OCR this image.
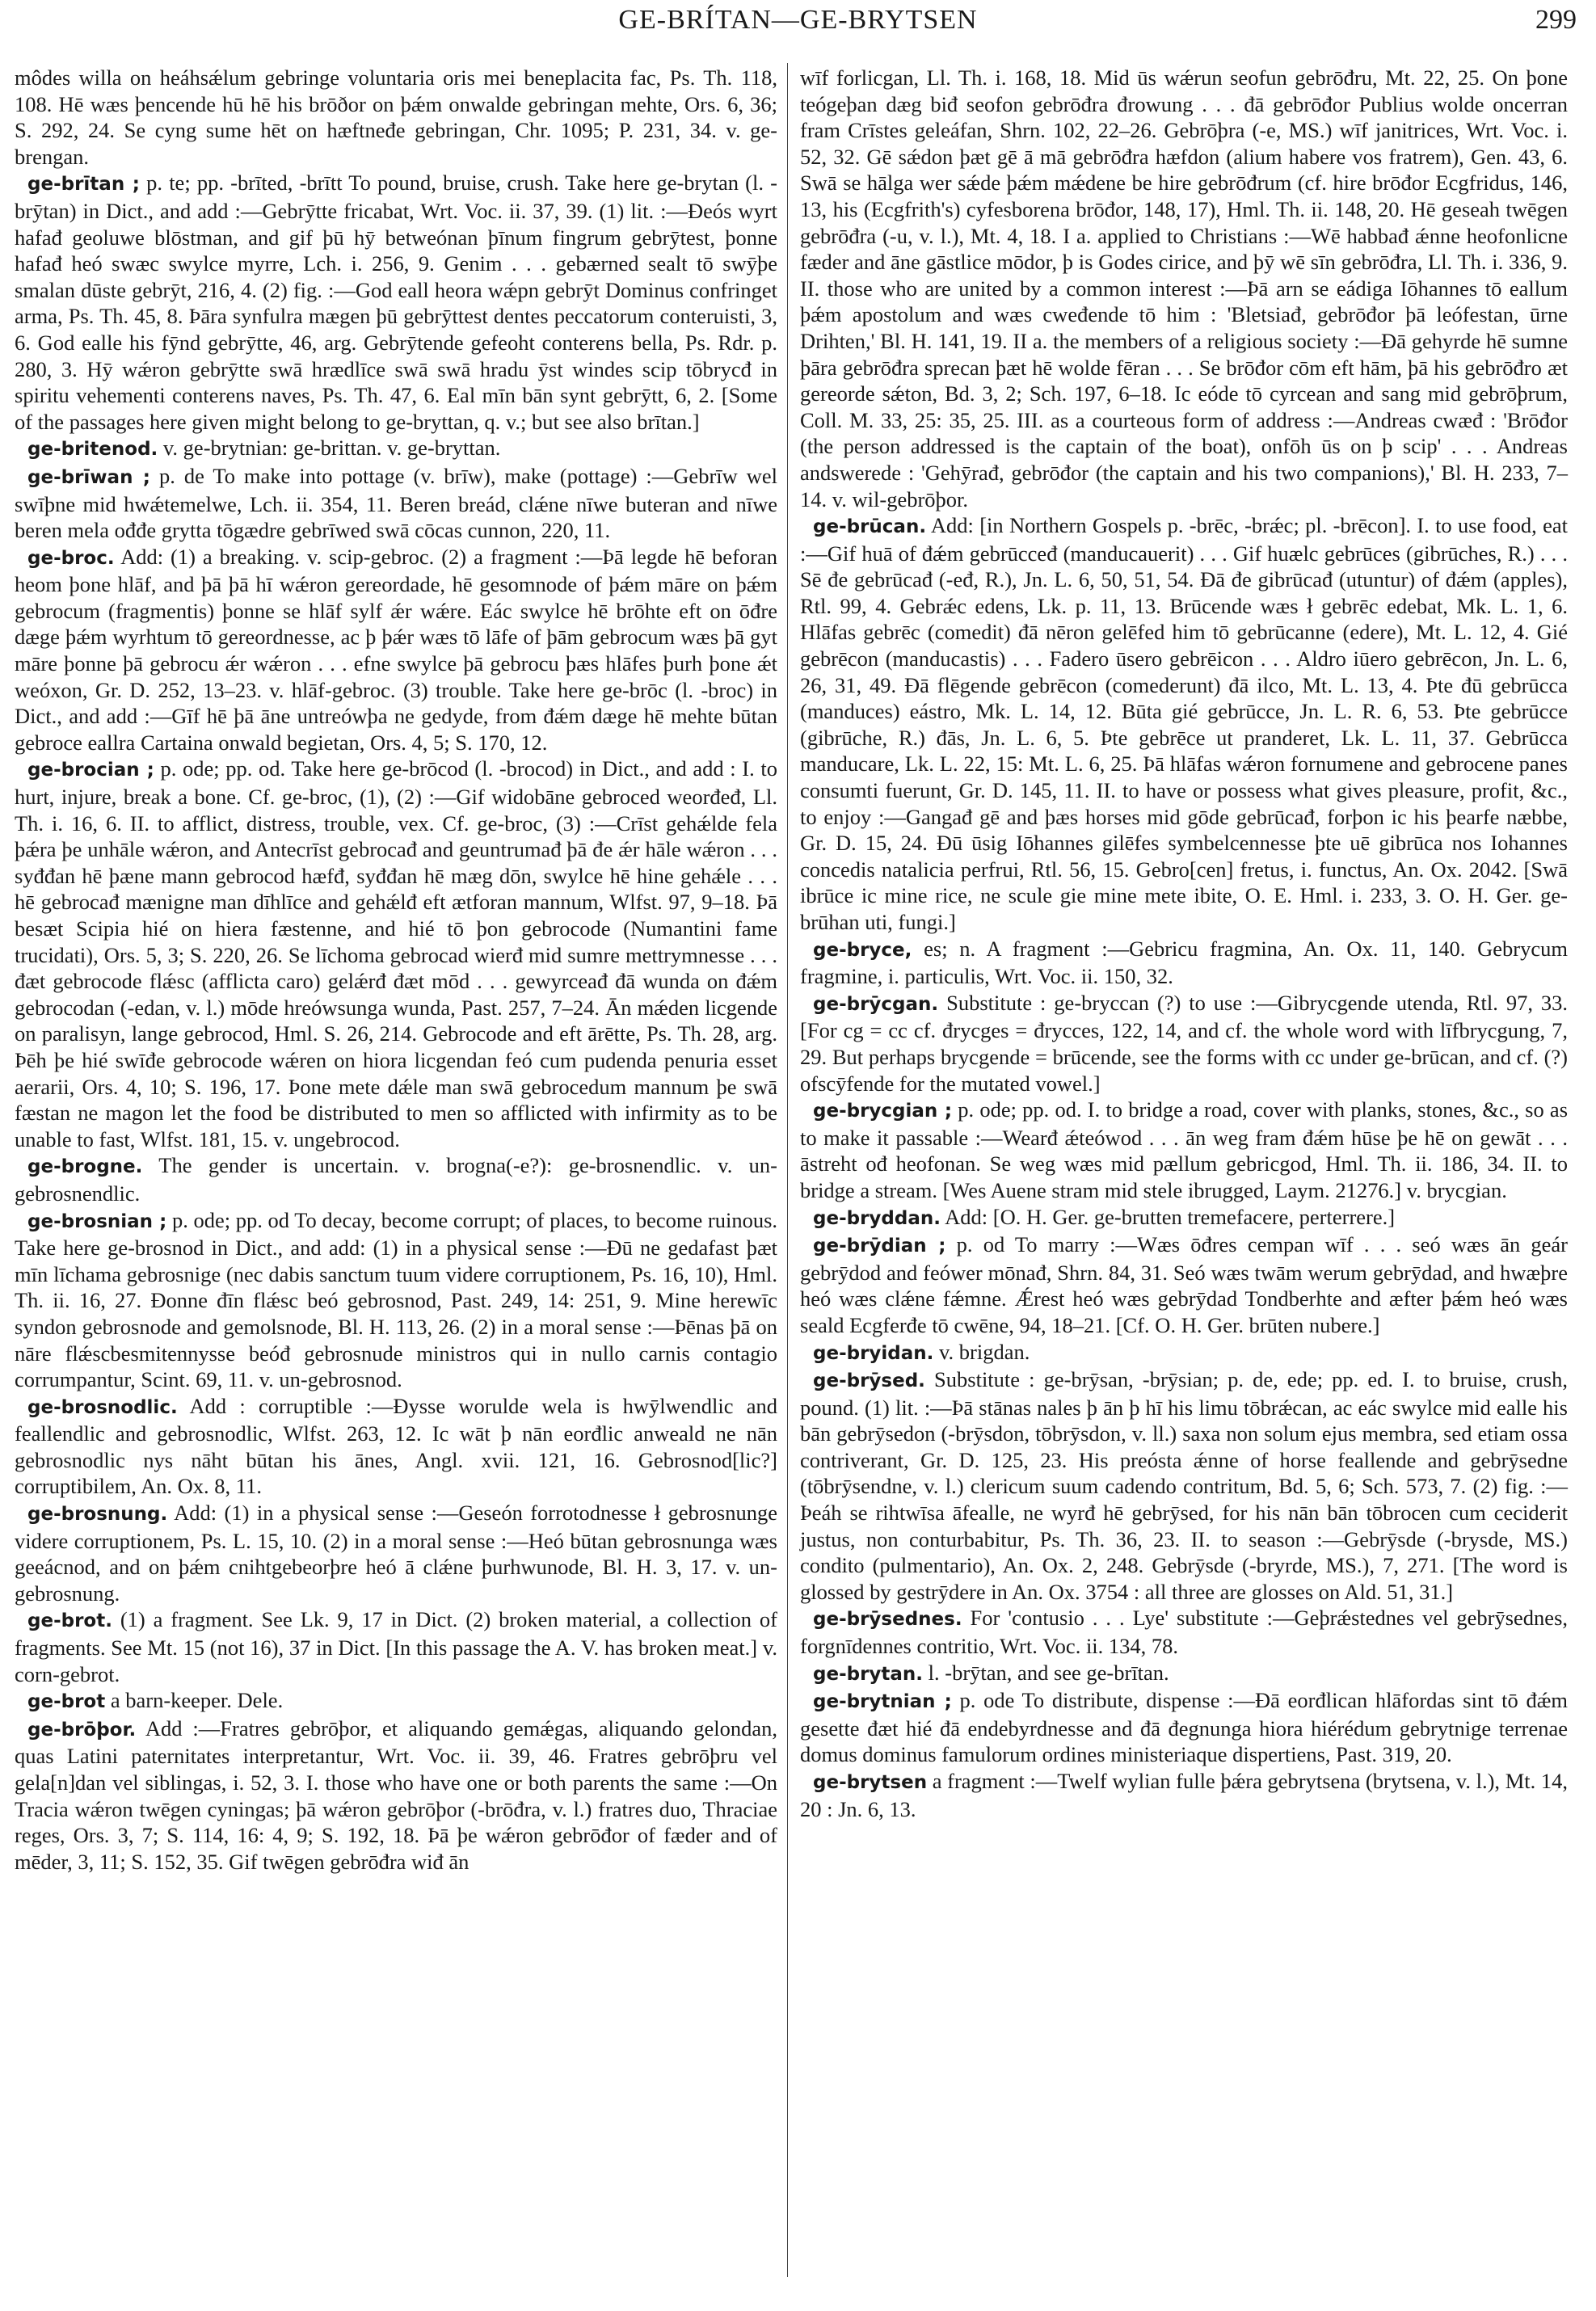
GE-BRÍTAN—GE-BRYTSEN	299

môdes willa on heáhsǽlum gebringe voluntaria oris mei beneplacita fac, Ps. Th. 118, 108. Hē wæs þencende hū hē his brōðor on þǽm onwalde gebringan mehte, Ors. 6, 36; S. 292, 24. Se cyng sume hēt on hæftneđe gebringan, Chr. 1095; P. 231, 34. v. ge-brengan.

ge-brītan ; p. te; pp. -brīted, -brītt To pound, bruise, crush. Take here ge-brytan (l. -brȳtan) in Dict., and add :—Gebrȳtte fricabat, Wrt. Voc. ii. 37, 39. (1) lit. :—Ðeós wyrt hafađ geoluwe blōstman, and gif þū hȳ betweónan þīnum fingrum gebrȳtest, þonne hafađ heó swæc swylce myrre, Lch. i. 256, 9. Genim . . . gebærned sealt tō swȳþe smalan dūste gebrȳt, 216, 4. (2) fig. :—God eall heora wǽpn gebrȳt Dominus confringet arma, Ps. Th. 45, 8. Þāra synfulra mægen þū gebrȳttest dentes peccatorum conteruisti, 3, 6. God ealle his fȳnd gebrȳtte, 46, arg. Gebrȳtende gefeoht conterens bella, Ps. Rdr. p. 280, 3. Hȳ wǽron gebrȳtte swā hrædlīce swā swā hradu ȳst windes scip tōbrycđ in spiritu vehementi conterens naves, Ps. Th. 47, 6. Eal mīn bān synt gebrȳtt, 6, 2. [Some of the passages here given might belong to ge-bryttan, q. v.; but see also brītan.]

ge-britenod. v. ge-brytnian: ge-brittan. v. ge-bryttan.

ge-brīwan ; p. de To make into pottage (v. brīw), make (pottage) :—Gebrīw wel swīþne mid hwǽtemelwe, Lch. ii. 354, 11. Beren breád, clǽne nīwe buteran and nīwe beren mela ođđe grytta tōgædre gebrīwed swā cōcas cunnon, 220, 11.

ge-broc. Add: (1) a breaking. v. scip-gebroc. (2) a fragment :—Þā legde hē beforan heom þone hlāf, and þā þā hī wǽron gereordade, hē gesomnode of þǽm māre on þǽm gebrocum (fragmentis) þonne se hlāf sylf ǽr wǽre. Eác swylce hē brōhte eft on ōđre dæge þǽm wyrhtum tō gereordnesse, ac þ þǽr wæs tō lāfe of þām gebrocum wæs þā gyt māre þonne þā gebrocu ǽr wǽron . . . efne swylce þā gebrocu þæs hlāfes þurh þone ǽt weóxon, Gr. D. 252, 13–23. v. hlāf-gebroc. (3) trouble. Take here ge-brōc (l. -broc) in Dict., and add :—Gīf hē þā āne untreówþa ne gedyde, from đǽm dæge hē mehte būtan gebroce eallra Cartaina onwald begietan, Ors. 4, 5; S. 170, 12.

ge-brocian ; p. ode; pp. od. Take here ge-brōcod (l. -brocod) in Dict., and add : I. to hurt, injure, break a bone. Cf. ge-broc, (1), (2) :—Gif widobāne gebroced weorđeđ, Ll. Th. i. 16, 6. II. to afflict, distress, trouble, vex. Cf. ge-broc, (3) :—Crīst gehǽlde fela þǽra þe unhāle wǽron, and Antecrīst gebrocađ and geuntrumađ þā đe ǽr hāle wǽron . . . syđđan hē þæne mann gebrocod hæfđ, syđđan hē mæg dōn, swylce hē hine gehǽle . . . hē gebrocađ mænigne man dīhlīce and gehǽlđ eft ætforan mannum, Wlfst. 97, 9–18. Þā besæt Scipia hié on hiera fæstenne, and hié tō þon gebrocode (Numantini fame trucidati), Ors. 5, 3; S. 220, 26. Se līchoma gebrocad wierđ mid sumre mettrymnesse . . . đæt gebrocode flǽsc (afflicta caro) gelǽrđ đæt mōd . . . gewyrceađ đā wunda on đǽm gebrocodan (-edan, v. l.) mōde hreówsunga wunda, Past. 257, 7–24. Ān mǽden licgende on paralisyn, lange gebrocod, Hml. S. 26, 214. Gebrocode and eft ārētte, Ps. Th. 28, arg. Þēh þe hié swīđe gebrocode wǽren on hiora licgendan feó cum pudenda penuria esset aerarii, Ors. 4, 10; S. 196, 17. Þone mete dǽle man swā gebrocedum mannum þe swā fæstan ne magon let the food be distributed to men so afflicted with infirmity as to be unable to fast, Wlfst. 181, 15. v. ungebrocod.

ge-brogne. The gender is uncertain. v. brogna(-e?): ge-brosnendlic. v. un-gebrosnendlic.

ge-brosnian ; p. ode; pp. od To decay, become corrupt; of places, to become ruinous. Take here ge-brosnod in Dict., and add: (1) in a physical sense :—Đū ne gedafast þæt mīn līchama gebrosnige (nec dabis sanctum tuum videre corruptionem, Ps. 16, 10), Hml. Th. ii. 16, 27. Ðonne đīn flǽsc beó gebrosnod, Past. 249, 14: 251, 9. Mine herewīc syndon gebrosnode and gemolsnode, Bl. H. 113, 26. (2) in a moral sense :—Þēnas þā on nāre flǽscbesmitennysse beóđ gebrosnude ministros qui in nullo carnis contagio corrumpantur, Scint. 69, 11. v. un-gebrosnod.

ge-brosnodlic. Add : corruptible :—Ðysse worulde wela is hwȳlwendlic and feallendlic and gebrosnodlic, Wlfst. 263, 12. Ic wāt þ nān eorđlic anweald ne nān gebrosnodlic nys nāht būtan his ānes, Angl. xvii. 121, 16. Gebrosnod[lic?] corruptibilem, An. Ox. 8, 11.

ge-brosnung. Add: (1) in a physical sense :—Geseón forrotodnesse ł gebrosnunge videre corruptionem, Ps. L. 15, 10. (2) in a moral sense :—Heó būtan gebrosnunga wæs geeácnod, and on þǽm cnihtgebeorþre heó ā clǽne þurhwunode, Bl. H. 3, 17. v. un-gebrosnung.

ge-brot. (1) a fragment. See Lk. 9, 17 in Dict. (2) broken material, a collection of fragments. See Mt. 15 (not 16), 37 in Dict. [In this passage the A. V. has broken meat.] v. corn-gebrot.

ge-brot a barn-keeper. Dele.

ge-brōþor. Add :—Fratres gebrōþor, et aliquando gemǽgas, aliquando gelondan, quas Latini paternitates interpretantur, Wrt. Voc. ii. 39, 46. Fratres gebrōþru vel gela[n]dan vel siblingas, i. 52, 3. I. those who have one or both parents the same :—On Tracia wǽron twēgen cyningas; þā wǽron gebrōþor (-brōđra, v. l.) fratres duo, Thraciae reges, Ors. 3, 7; S. 114, 16: 4, 9; S. 192, 18. Þā þe wǽron gebrōđor of fæder and of mēder, 3, 11; S. 152, 35. Gif twēgen gebrōđra wiđ ān

wīf forlicgan, Ll. Th. i. 168, 18. Mid ūs wǽrun seofun gebrōđru, Mt. 22, 25. On þone teógeþan dæg biđ seofon gebrōđra đrowung . . . đā gebrōđor Publius wolde oncerran fram Crīstes geleáfan, Shrn. 102, 22–26. Gebrōþra (-e, MS.) wīf janitrices, Wrt. Voc. i. 52, 32. Gē sǽdon þæt gē ā mā gebrōđra hæfdon (alium habere vos fratrem), Gen. 43, 6. Swā se hālga wer sǽde þǽm mǽdene be hire gebrōđrum (cf. hire brōđor Ecgfridus, 146, 13, his (Ecgfrith's) cyfesborena brōđor, 148, 17), Hml. Th. ii. 148, 20. Hē geseah twēgen gebrōđra (-u, v. l.), Mt. 4, 18. I a. applied to Christians :—Wē habbađ ǽnne heofonlicne fæder and āne gāstlice mōdor, þ is Godes cirice, and þȳ wē sīn gebrōđra, Ll. Th. i. 336, 9. II. those who are united by a common interest :—Þā arn se eádiga Iōhannes tō eallum þǽm apostolum and wæs cweđende tō him : 'Bletsiađ, gebrōđor þā leófestan, ūrne Drihten,' Bl. H. 141, 19. II a. the members of a religious society :—Đā gehyrde hē sumne þāra gebrōđra sprecan þæt hē wolde fēran . . . Se brōđor cōm eft hām, þā his gebrōđro æt gereorde sǽton, Bd. 3, 2; Sch. 197, 6–18. Ic eóde tō cyrcean and sang mid gebrōþrum, Coll. M. 33, 25: 35, 25. III. as a courteous form of address :—Andreas cwæđ : 'Brōđor (the person addressed is the captain of the boat), onfōh ūs on þ scip' . . . Andreas andswerede : 'Gehȳrađ, gebrōđor (the captain and his two companions),' Bl. H. 233, 7–14. v. wil-gebrōþor.

ge-brūcan. Add: [in Northern Gospels p. -brēc, -brǽc; pl. -brēcon]. I. to use food, eat :—Gif huā of đǽm gebrūcceđ (manducauerit) . . . Gif huælc gebrūces (gibrūches, R.) . . . Sē đe gebrūcađ (-eđ, R.), Jn. L. 6, 50, 51, 54. Đā đe gibrūcađ (utuntur) of đǽm (apples), Rtl. 99, 4. Gebrǽc edens, Lk. p. 11, 13. Brūcende wæs ł gebrēc edebat, Mk. L. 1, 6. Hlāfas gebrēc (comedit) đā nēron gelēfed him tō gebrūcanne (edere), Mt. L. 12, 4. Gié gebrēcon (manducastis) . . . Fadero ūsero gebrēicon . . . Aldro iūero gebrēcon, Jn. L. 6, 26, 31, 49. Đā flēgende gebrēcon (comederunt) đā ilco, Mt. L. 13, 4. Þte đū gebrūcca (manduces) eástro, Mk. L. 14, 12. Būta gié gebrūcce, Jn. L. R. 6, 53. Þte gebrūcce (gibrūche, R.) đās, Jn. L. 6, 5. Þte gebrēce ut pranderet, Lk. L. 11, 37. Gebrūcca manducare, Lk. L. 22, 15: Mt. L. 6, 25. Þā hlāfas wǽron fornumene and gebrocene panes consumti fuerunt, Gr. D. 145, 11. II. to have or possess what gives pleasure, profit, &c., to enjoy :—Gangađ gē and þæs horses mid gōde gebrūcađ, forþon ic his þearfe næbbe, Gr. D. 15, 24. Đū ūsig Iōhannes gilēfes symbelcennesse þte uē gibrūca nos Iohannes concedis natalicia perfrui, Rtl. 56, 15. Gebro[cen] fretus, i. functus, An. Ox. 2042. [Swā ibrūce ic mine rice, ne scule gie mine mete ibite, O. E. Hml. i. 233, 3. O. H. Ger. ge-brūhan uti, fungi.]

ge-bryce, es; n. A fragment :—Gebricu fragmina, An. Ox. 11, 140. Gebrycum fragmine, i. particulis, Wrt. Voc. ii. 150, 32.

ge-brȳcgan. Substitute : ge-bryccan (?) to use :—Gibrycgende utenda, Rtl. 97, 33. [For cg = cc cf. đrycges = đrycces, 122, 14, and cf. the whole word with līfbrycgung, 7, 29. But perhaps brycgende = brūcende, see the forms with cc under ge-brūcan, and cf. (?) ofscȳfende for the mutated vowel.]

ge-brycgian ; p. ode; pp. od. I. to bridge a road, cover with planks, stones, &c., so as to make it passable :—Wearđ ǽteówod . . . ān weg fram đǽm hūse þe hē on gewāt . . . āstreht ođ heofonan. Se weg wæs mid pællum gebricgod, Hml. Th. ii. 186, 34. II. to bridge a stream. [Wes Auene stram mid stele ibrugged, Laym. 21276.] v. brycgian.

ge-bryddan. Add: [O. H. Ger. ge-brutten tremefacere, perterrere.]

ge-brȳdian ; p. od To marry :—Wæs ōđres cempan wīf . . . seó wæs ān geár gebrȳdod and feówer mōnađ, Shrn. 84, 31. Seó wæs twām werum gebrȳdad, and hwæþre heó wæs clǽne fǽmne. Ǽrest heó wæs gebrȳdad Tondberhte and æfter þǽm heó wæs seald Ecgferđe tō cwēne, 94, 18–21. [Cf. O. H. Ger. brūten nubere.]

ge-bryidan. v. brigdan.

ge-brȳsed. Substitute : ge-brȳsan, -brȳsian; p. de, ede; pp. ed. I. to bruise, crush, pound. (1) lit. :—Þā stānas nales þ ān þ hī his limu tōbrǽcan, ac eác swylce mid ealle his bān gebrȳsedon (-brȳsdon, tōbrȳsdon, v. ll.) saxa non solum ejus membra, sed etiam ossa contriverant, Gr. D. 125, 23. His preósta ǽnne of horse feallende and gebrȳsedne (tōbrȳsendne, v. l.) clericum suum cadendo contritum, Bd. 5, 6; Sch. 573, 7. (2) fig. :—Þeáh se rihtwīsa āfealle, ne wyrđ hē gebrȳsed, for his nān bān tōbrocen cum ceciderit justus, non conturbabitur, Ps. Th. 36, 23. II. to season :—Gebrȳsde (-brysde, MS.) condito (pulmentario), An. Ox. 2, 248. Gebrȳsde (-bryrde, MS.), 7, 271. [The word is glossed by gestrȳdere in An. Ox. 3754 : all three are glosses on Ald. 51, 31.]

ge-brȳsednes. For 'contusio . . . Lye' substitute :—Geþrǽstednes vel gebrȳsednes, forgnīdennes contritio, Wrt. Voc. ii. 134, 78.

ge-brytan. l. -brȳtan, and see ge-brītan.

ge-brytnian ; p. ode To distribute, dispense :—Đā eorđlican hlāfordas sint tō đǽm gesette đæt hié đā endebyrdnesse and đā đegnunga hiora hiérédum gebrytnige terrenae domus dominus famulorum ordines ministeriaque dispertiens, Past. 319, 20.

ge-brytsen a fragment :—Twelf wylian fulle þǽra gebrytsena (brytsena, v. l.), Mt. 14, 20 : Jn. 6, 13.
